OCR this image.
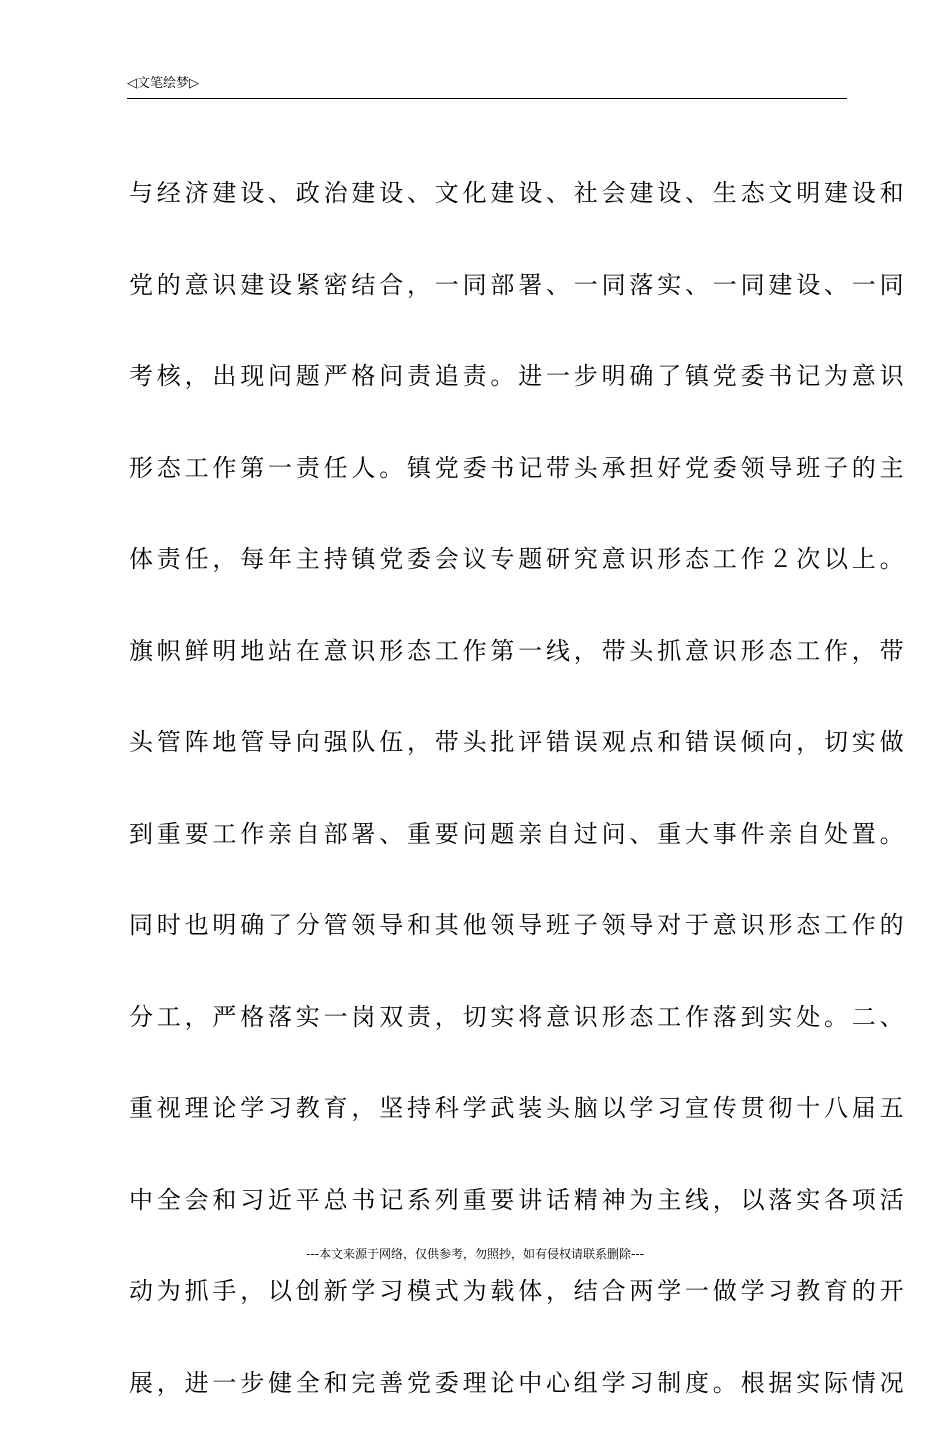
◁文笔绘梦▷
与经济建设、政治建设、文化建设、社会建设、生态文明建设和
党的意识建设紧密结合，一同部署、一同落实、一同建设、一同
考核，出现问题严格问责追责。进一步明确了镇党委书记为意识
形态工作第一责任人。镇党委书记带头承担好党委领导班子的主
体责任，每年主持镇党委会议专题研究意识形态工作２次以上。
旗帜鲜明地站在意识形态工作第一线，带头抓意识形态工作，带
头管阵地管导向强队伍，带头批评错误观点和错误倾向，切实做
到重要工作亲自部署、重要问题亲自过问、重大事件亲自处置。
同时也明确了分管领导和其他领导班子领导对于意识形态工作的
分工，严格落实一岗双责，切实将意识形态工作落到实处。二、
重视理论学习教育，坚持科学武装头脑以学习宣传贯彻十八届五
中全会和习近平总书记系列重要讲话精神为主线，以落实各项活
动为抓手，以创新学习模式为载体，结合两学一做学习教育的开
展，进一步健全和完善党委理论中心组学习制度。根据实际情况
---本文来源于网络，仅供参考，勿照抄，如有侵权请联系删除---
